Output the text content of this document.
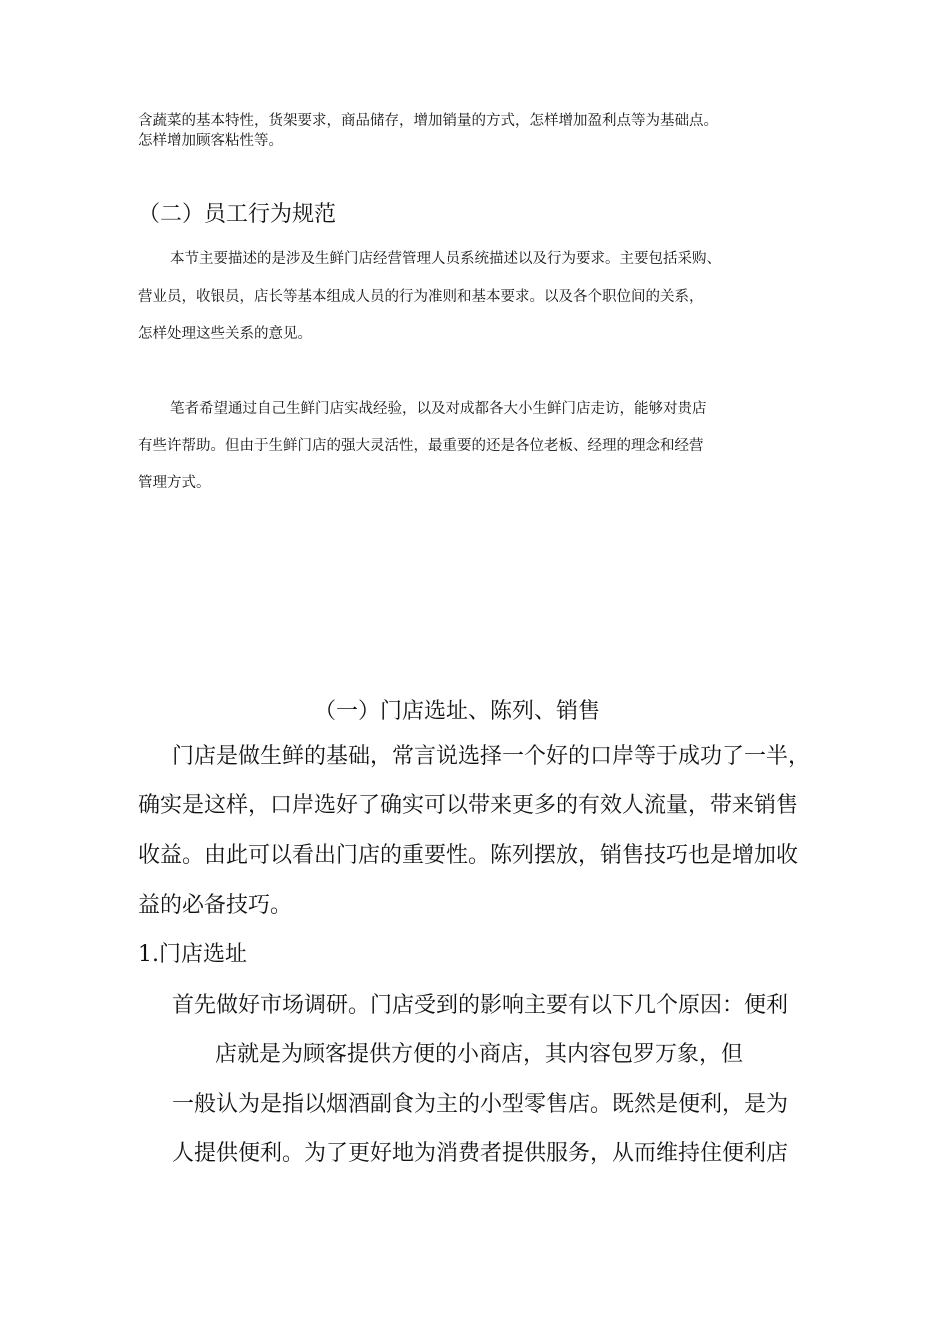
含蔬菜的基本特性，货架要求，商品储存，增加销量的方式，怎样增加盈利点等为基础点。

怎样增加顾客粘性等。

（二）员工行为规范

本节主要描述的是涉及生鲜门店经营管理人员系统描述以及行为要求。主要包括采购、

营业员，收银员，店长等基本组成人员的行为准则和基本要求。以及各个职位间的关系，

怎样处理这些关系的意见。

笔者希望通过自己生鲜门店实战经验，以及对成都各大小生鲜门店走访，能够对贵店

有些许帮助。但由于生鲜门店的强大灵活性，最重要的还是各位老板、经理的理念和经营

管理方式。

（一）门店选址、陈列、销售

门店是做生鲜的基础，常言说选择一个好的口岸等于成功了一半，

确实是这样，口岸选好了确实可以带来更多的有效人流量，带来销售

收益。由此可以看出门店的重要性。陈列摆放，销售技巧也是增加收

益的必备技巧。

1.门店选址

首先做好市场调研。门店受到的影响主要有以下几个原因：便利

店就是为顾客提供方便的小商店，其内容包罗万象，但

一般认为是指以烟酒副食为主的小型零售店。既然是便利，是为

人提供便利。为了更好地为消费者提供服务，从而维持住便利店
